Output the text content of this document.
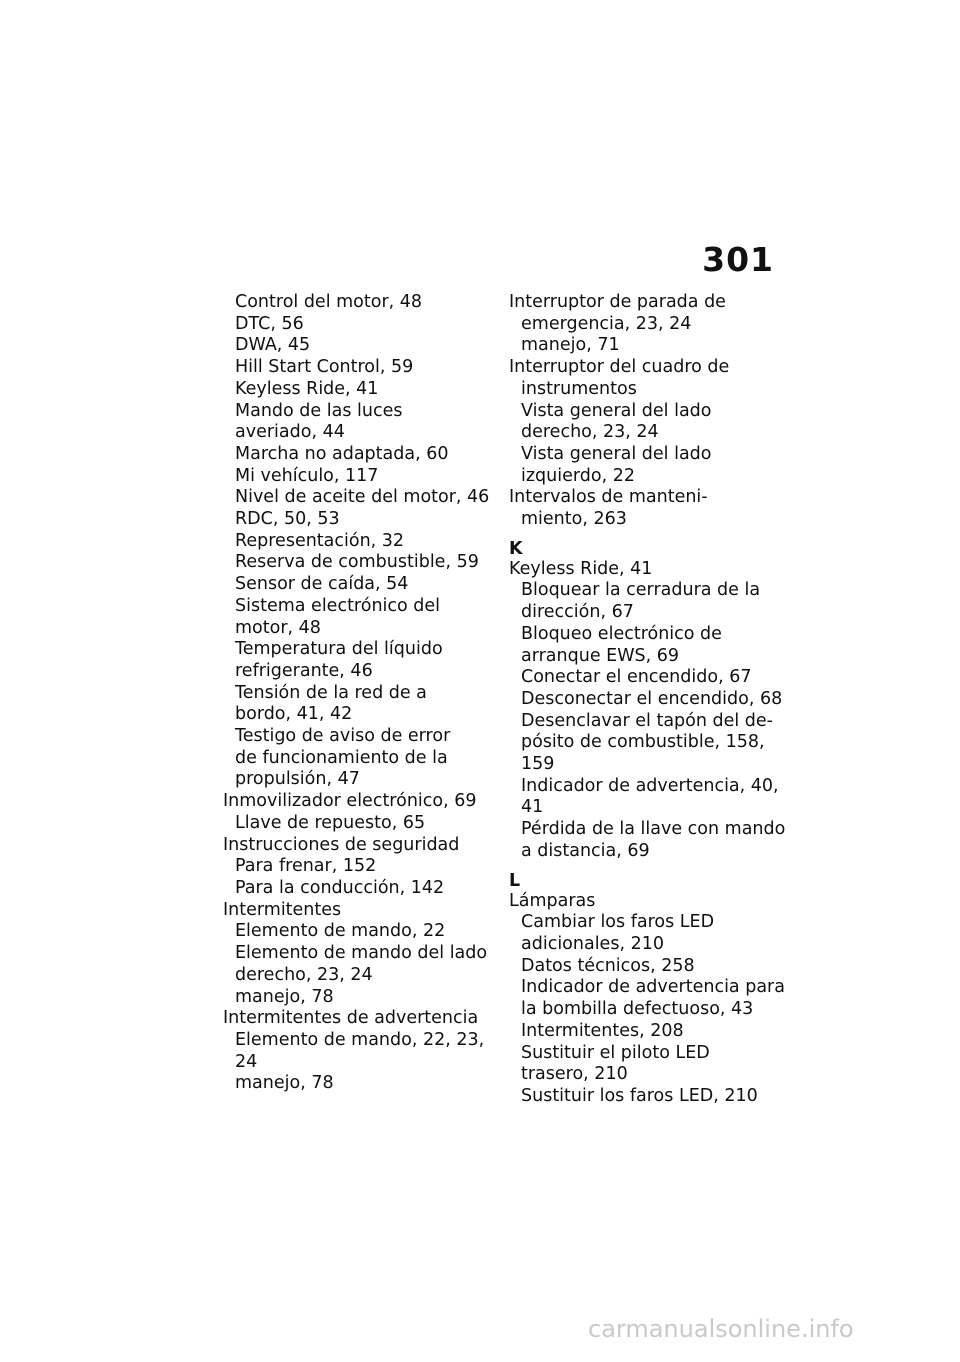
301
Control del motor, 48
DTC, 56
DWA, 45
Hill Start Control, 59
Keyless Ride, 41
Mando de las luces
averiado, 44
Marcha no adaptada, 60
Mi vehículo, 117
Nivel de aceite del motor, 46
RDC, 50, 53
Representación, 32
Reserva de combustible, 59
Sensor de caída, 54
Sistema electrónico del
motor, 48
Temperatura del líquido
refrigerante, 46
Tensión de la red de a
bordo, 41, 42
Testigo de aviso de error
de funcionamiento de la
propulsión, 47
Inmovilizador electrónico, 69
Llave de repuesto, 65
Instrucciones de seguridad
Para frenar, 152
Para la conducción, 142
Intermitentes
Elemento de mando, 22
Elemento de mando del lado
derecho, 23, 24
manejo, 78
Intermitentes de advertencia
Elemento de mando, 22, 23,
24
manejo, 78
Interruptor de parada de
emergencia, 23, 24
manejo, 71
Interruptor del cuadro de
instrumentos
Vista general del lado
derecho, 23, 24
Vista general del lado
izquierdo, 22
Intervalos de manteni-
miento, 263
K
Keyless Ride, 41
Bloquear la cerradura de la
dirección, 67
Bloqueo electrónico de
arranque EWS, 69
Conectar el encendido, 67
Desconectar el encendido, 68
Desenclavar el tapón del de-
pósito de combustible, 158,
159
Indicador de advertencia, 40,
41
Pérdida de la llave con mando
a distancia, 69
L
Lámparas
Cambiar los faros LED
adicionales, 210
Datos técnicos, 258
Indicador de advertencia para
la bombilla defectuoso, 43
Intermitentes, 208
Sustituir el piloto LED
trasero, 210
Sustituir los faros LED, 210
carmanualsonline.info
